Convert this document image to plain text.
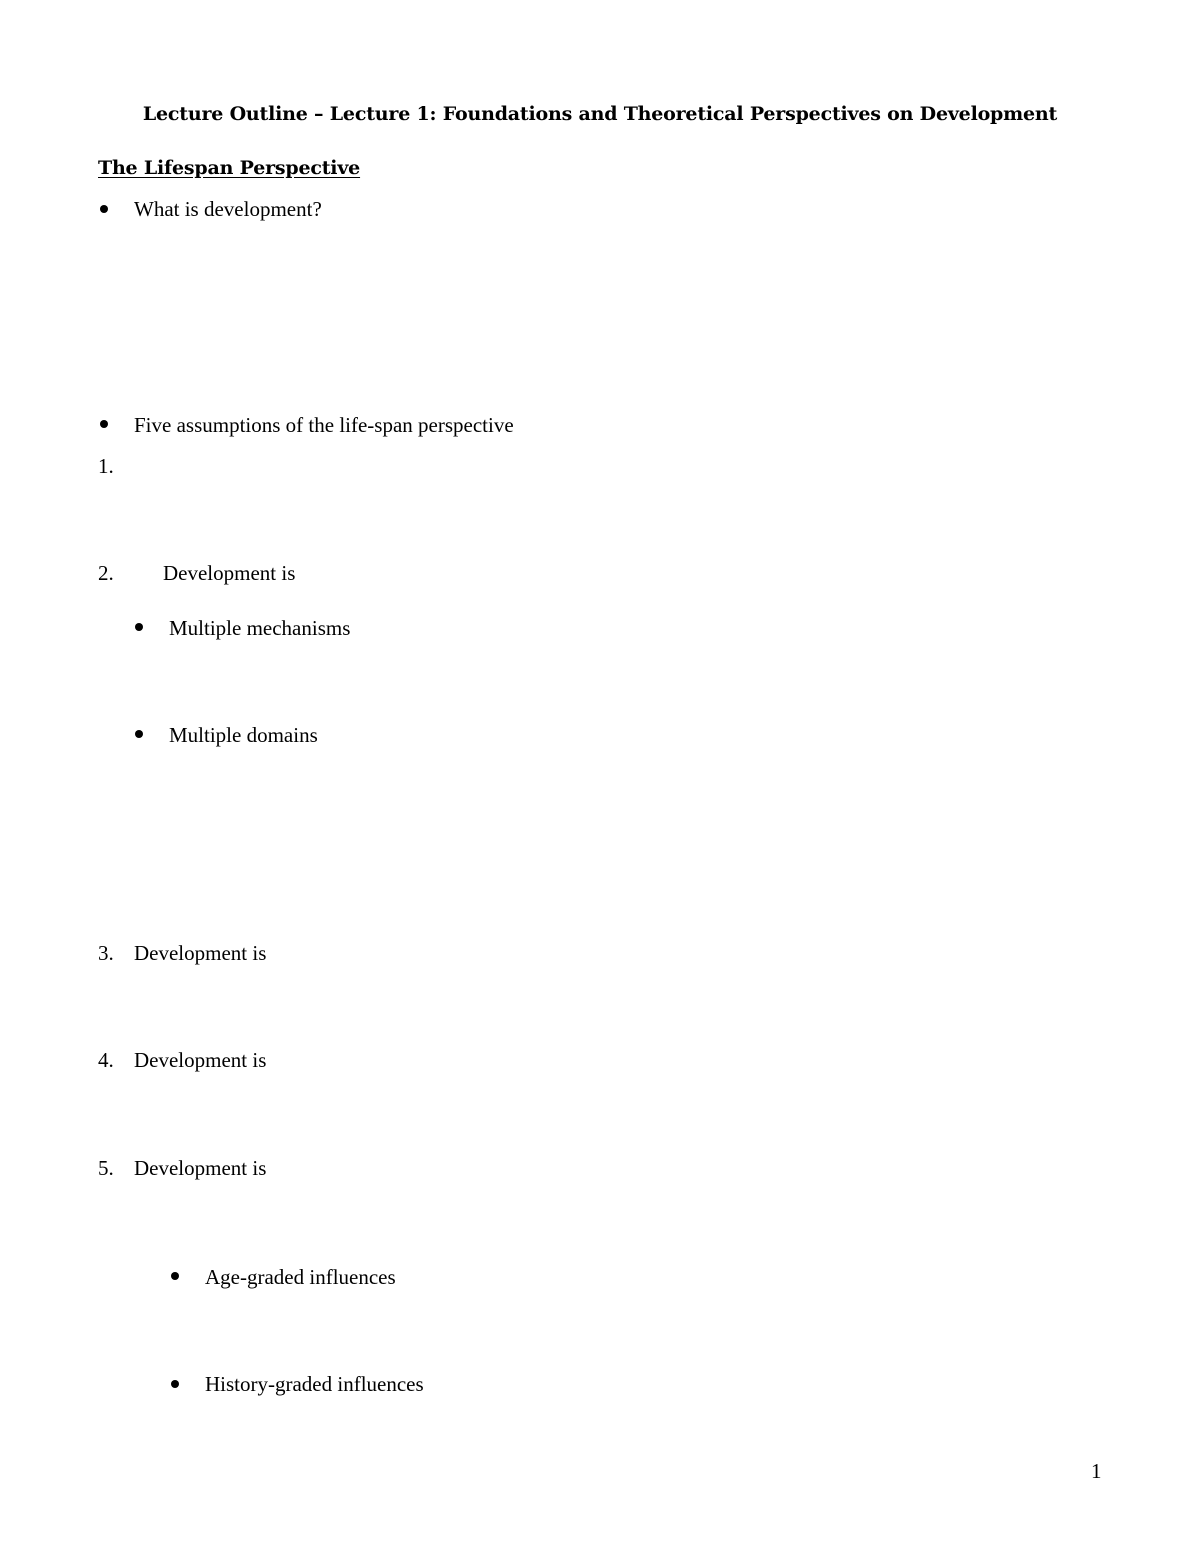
Lecture Outline – Lecture 1: Foundations and Theoretical Perspectives on Development
The Lifespan Perspective
What is development?
Five assumptions of the life-span perspective
1.
2. Development is
Multiple mechanisms
Multiple domains
3. Development is
4. Development is
5. Development is
Age-graded influences
History-graded influences
1
